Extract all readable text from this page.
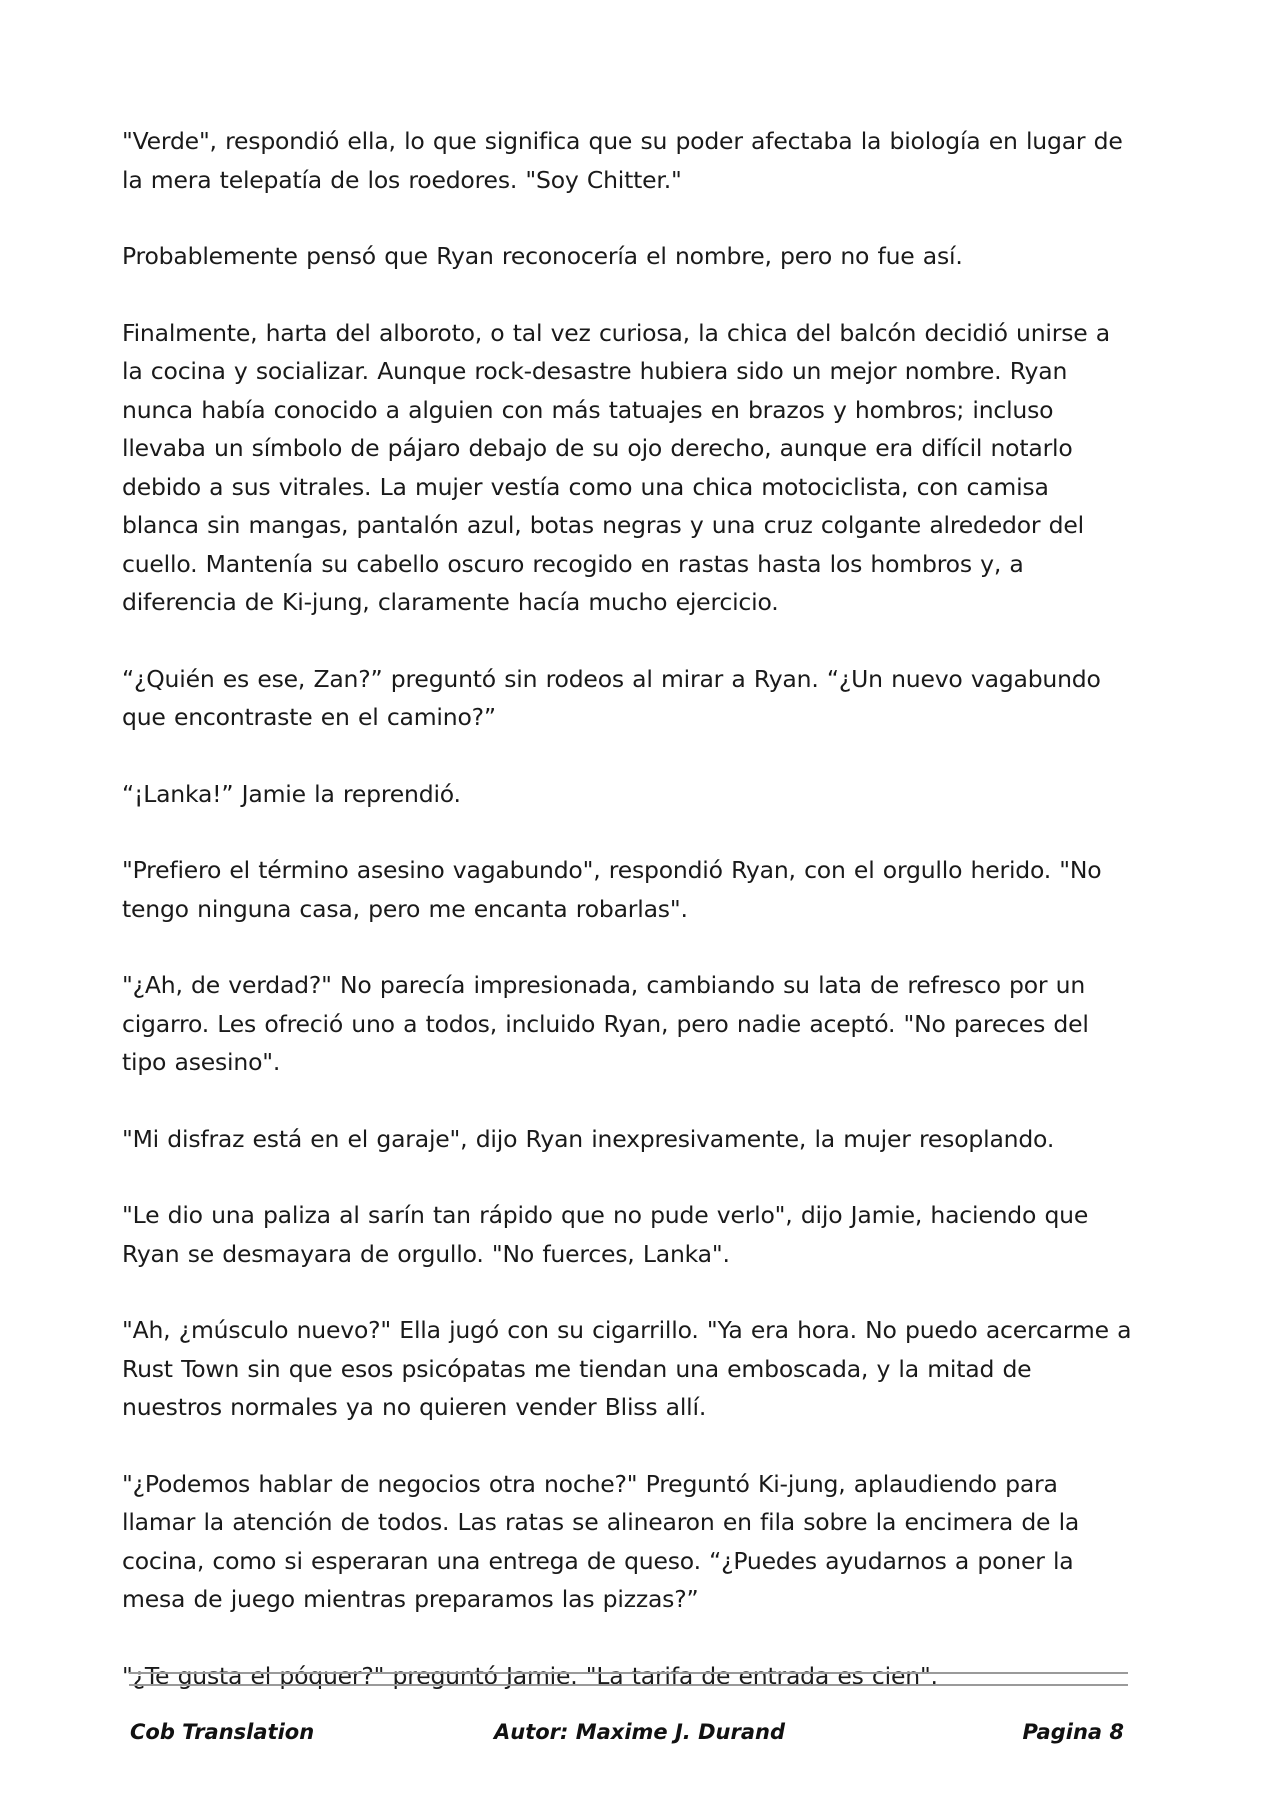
"Verde", respondió ella, lo que significa que su poder afectaba la biología en lugar de la mera telepatía de los roedores. "Soy Chitter."

Probablemente pensó que Ryan reconocería el nombre, pero no fue así.

Finalmente, harta del alboroto, o tal vez curiosa, la chica del balcón decidió unirse a la cocina y socializar. Aunque rock-desastre hubiera sido un mejor nombre. Ryan nunca había conocido a alguien con más tatuajes en brazos y hombros; incluso llevaba un símbolo de pájaro debajo de su ojo derecho, aunque era difícil notarlo debido a sus vitrales. La mujer vestía como una chica motociclista, con camisa blanca sin mangas, pantalón azul, botas negras y una cruz colgante alrededor del cuello. Mantenía su cabello oscuro recogido en rastas hasta los hombros y, a diferencia de Ki-jung, claramente hacía mucho ejercicio.

“¿Quién es ese, Zan?” preguntó sin rodeos al mirar a Ryan. “¿Un nuevo vagabundo que encontraste en el camino?”

“¡Lanka!” Jamie la reprendió.

"Prefiero el término asesino vagabundo", respondió Ryan, con el orgullo herido. "No tengo ninguna casa, pero me encanta robarlas".

"¿Ah, de verdad?" No parecía impresionada, cambiando su lata de refresco por un cigarro. Les ofreció uno a todos, incluido Ryan, pero nadie aceptó. "No pareces del tipo asesino".

"Mi disfraz está en el garaje", dijo Ryan inexpresivamente, la mujer resoplando.

"Le dio una paliza al sarín tan rápido que no pude verlo", dijo Jamie, haciendo que Ryan se desmayara de orgullo. "No fuerces, Lanka".

"Ah, ¿músculo nuevo?" Ella jugó con su cigarrillo. "Ya era hora. No puedo acercarme a Rust Town sin que esos psicópatas me tiendan una emboscada, y la mitad de nuestros normales ya no quieren vender Bliss allí.

"¿Podemos hablar de negocios otra noche?" Preguntó Ki-jung, aplaudiendo para llamar la atención de todos. Las ratas se alinearon en fila sobre la encimera de la cocina, como si esperaran una entrega de queso. “¿Puedes ayudarnos a poner la mesa de juego mientras preparamos las pizzas?”

"¿Te gusta el póquer?" preguntó Jamie. "La tarifa de entrada es cien".

Cob Translation	Autor: Maxime J. Durand	Pagina 8
